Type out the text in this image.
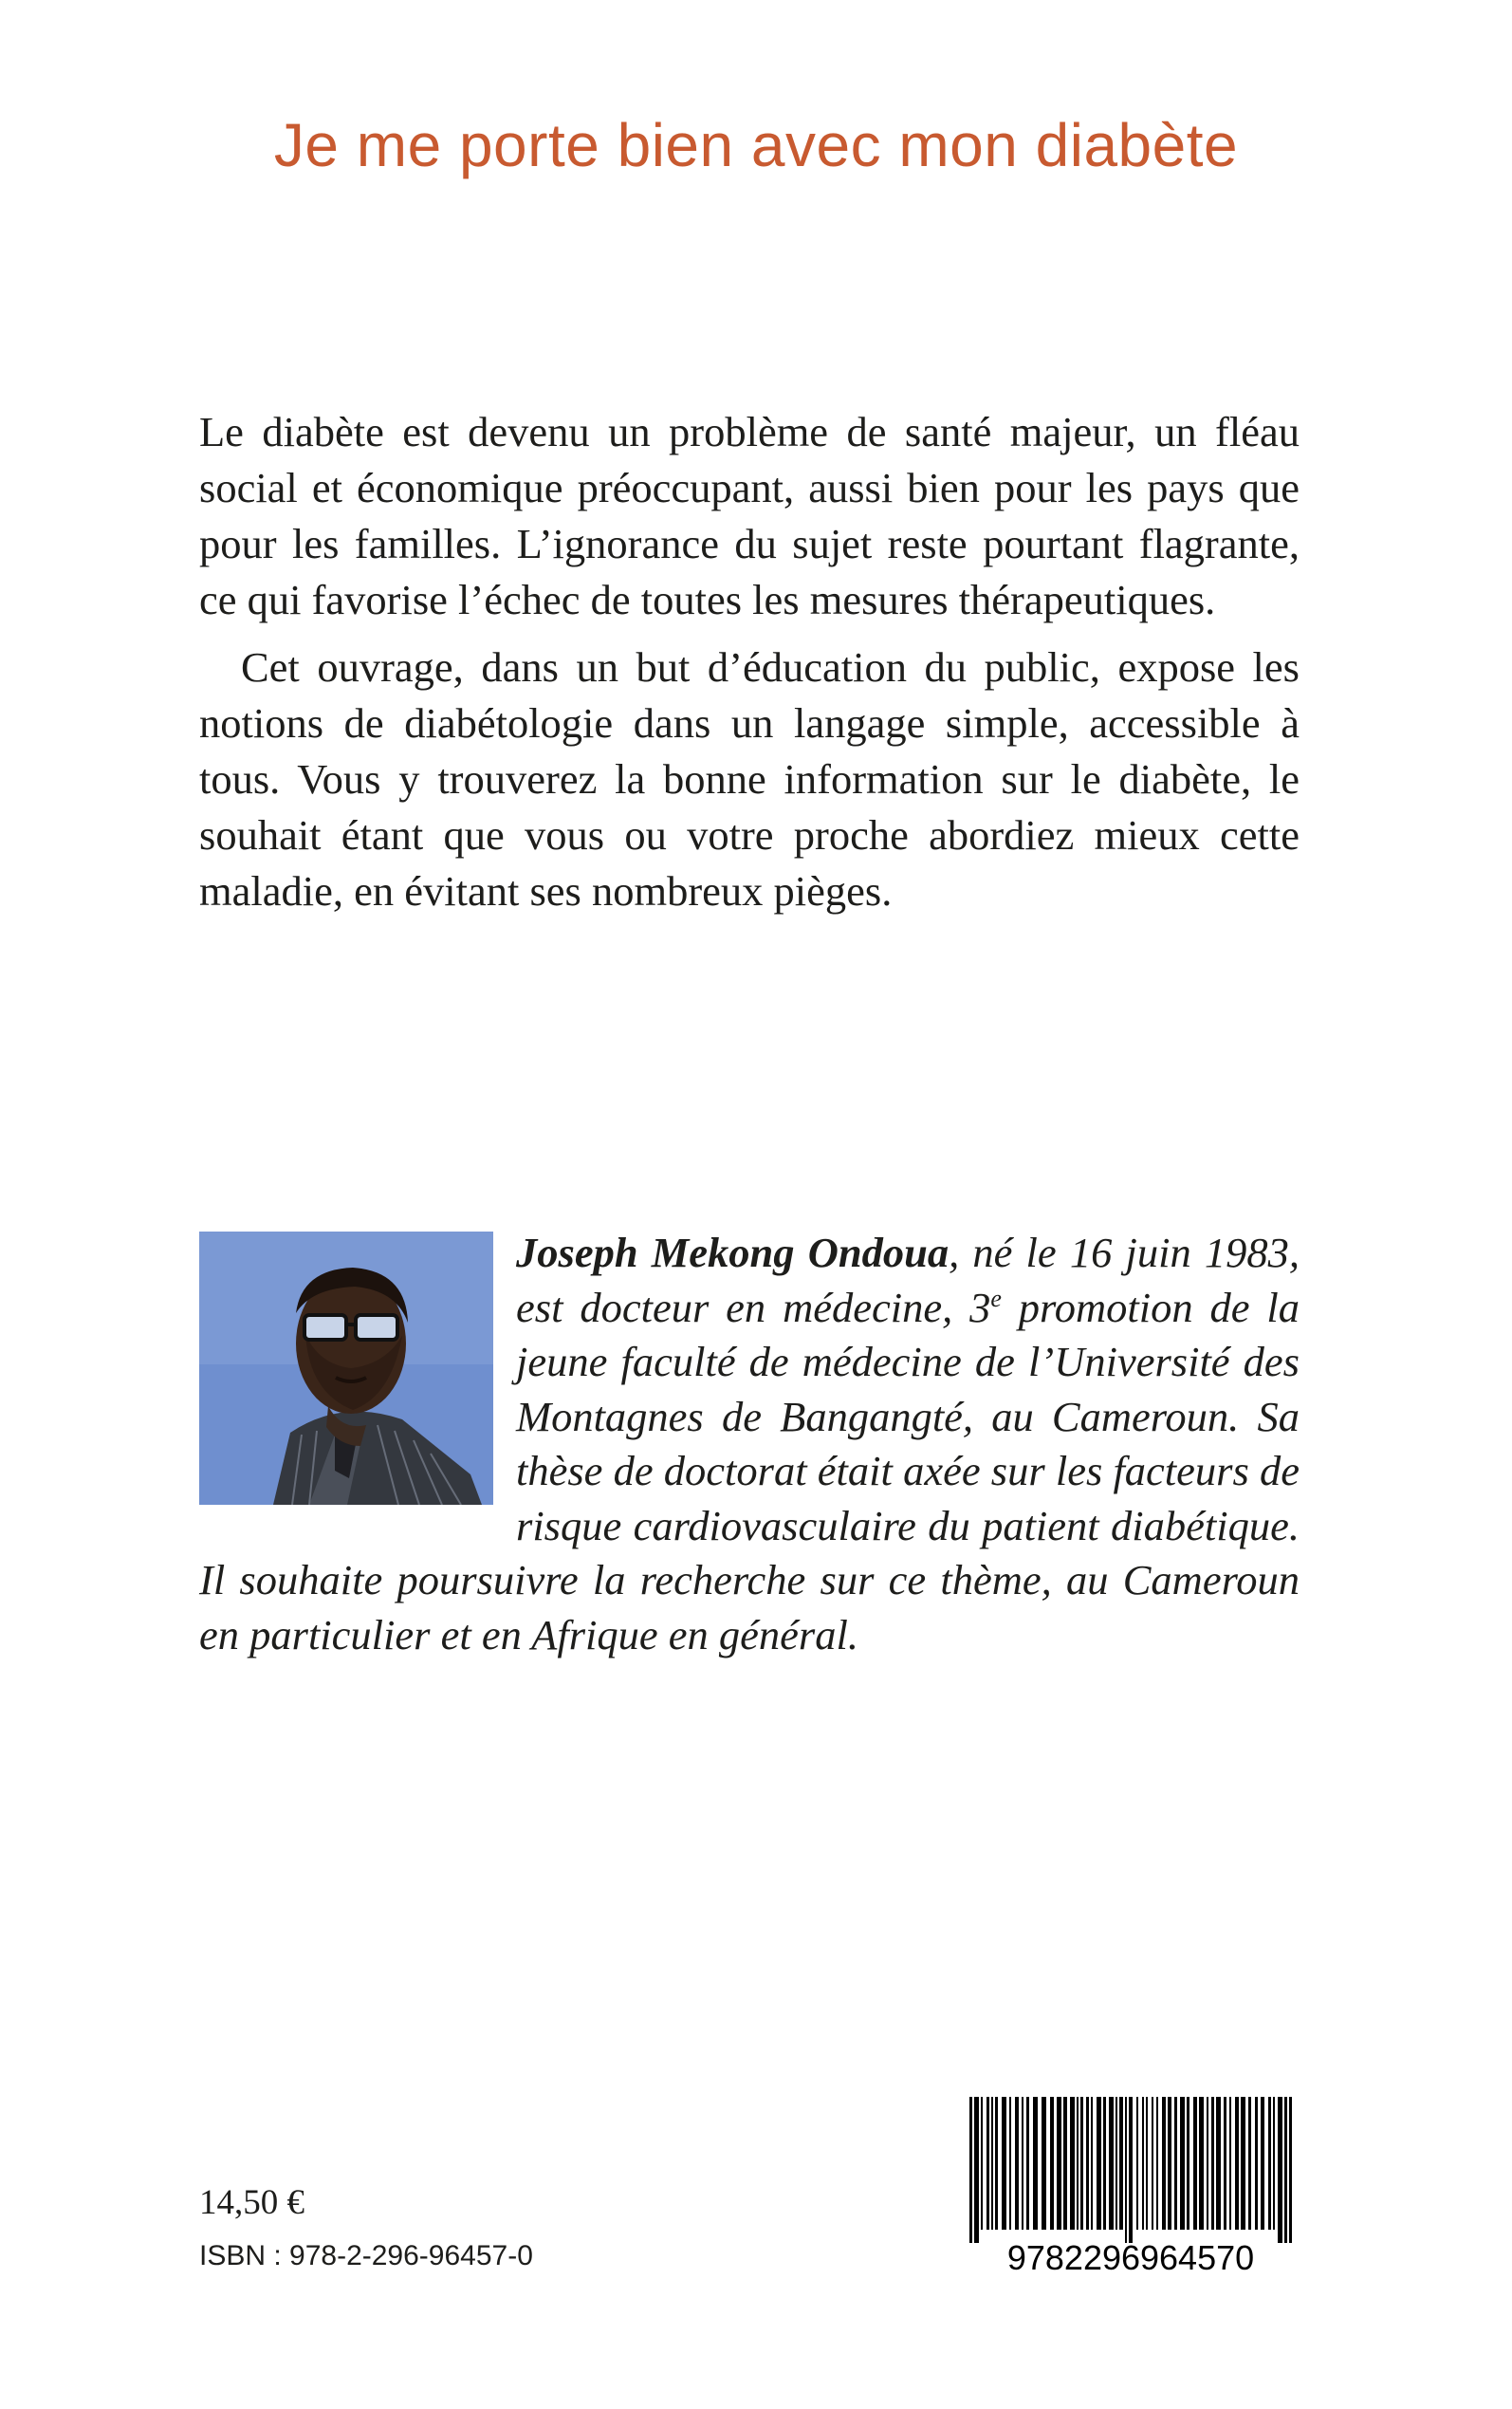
Je me porte bien avec mon diabète

Le diabète est devenu un problème de santé majeur, un fléau social et économique préoccupant, aussi bien pour les pays que pour les familles. L’ignorance du sujet reste pourtant flagrante, ce qui favorise l’échec de toutes les mesures thérapeutiques.

Cet ouvrage, dans un but d’éducation du public, expose les notions de diabétologie dans un langage simple, accessible à tous. Vous y trouverez la bonne information sur le diabète, le souhait étant que vous ou votre proche abordiez mieux cette maladie, en évitant ses nombreux pièges.

Joseph Mekong Ondoua, né le 16 juin 1983, est docteur en médecine, 3e promotion de la jeune faculté de médecine de l’Université des Montagnes de Bangangté, au Cameroun. Sa thèse de doctorat était axée sur les facteurs de risque cardiovasculaire du patient diabétique. Il souhaite poursuivre la recherche sur ce thème, au Cameroun en particulier et en Afrique en général.
14,50 €
ISBN : 978-2-296-96457-0	9782296964570
